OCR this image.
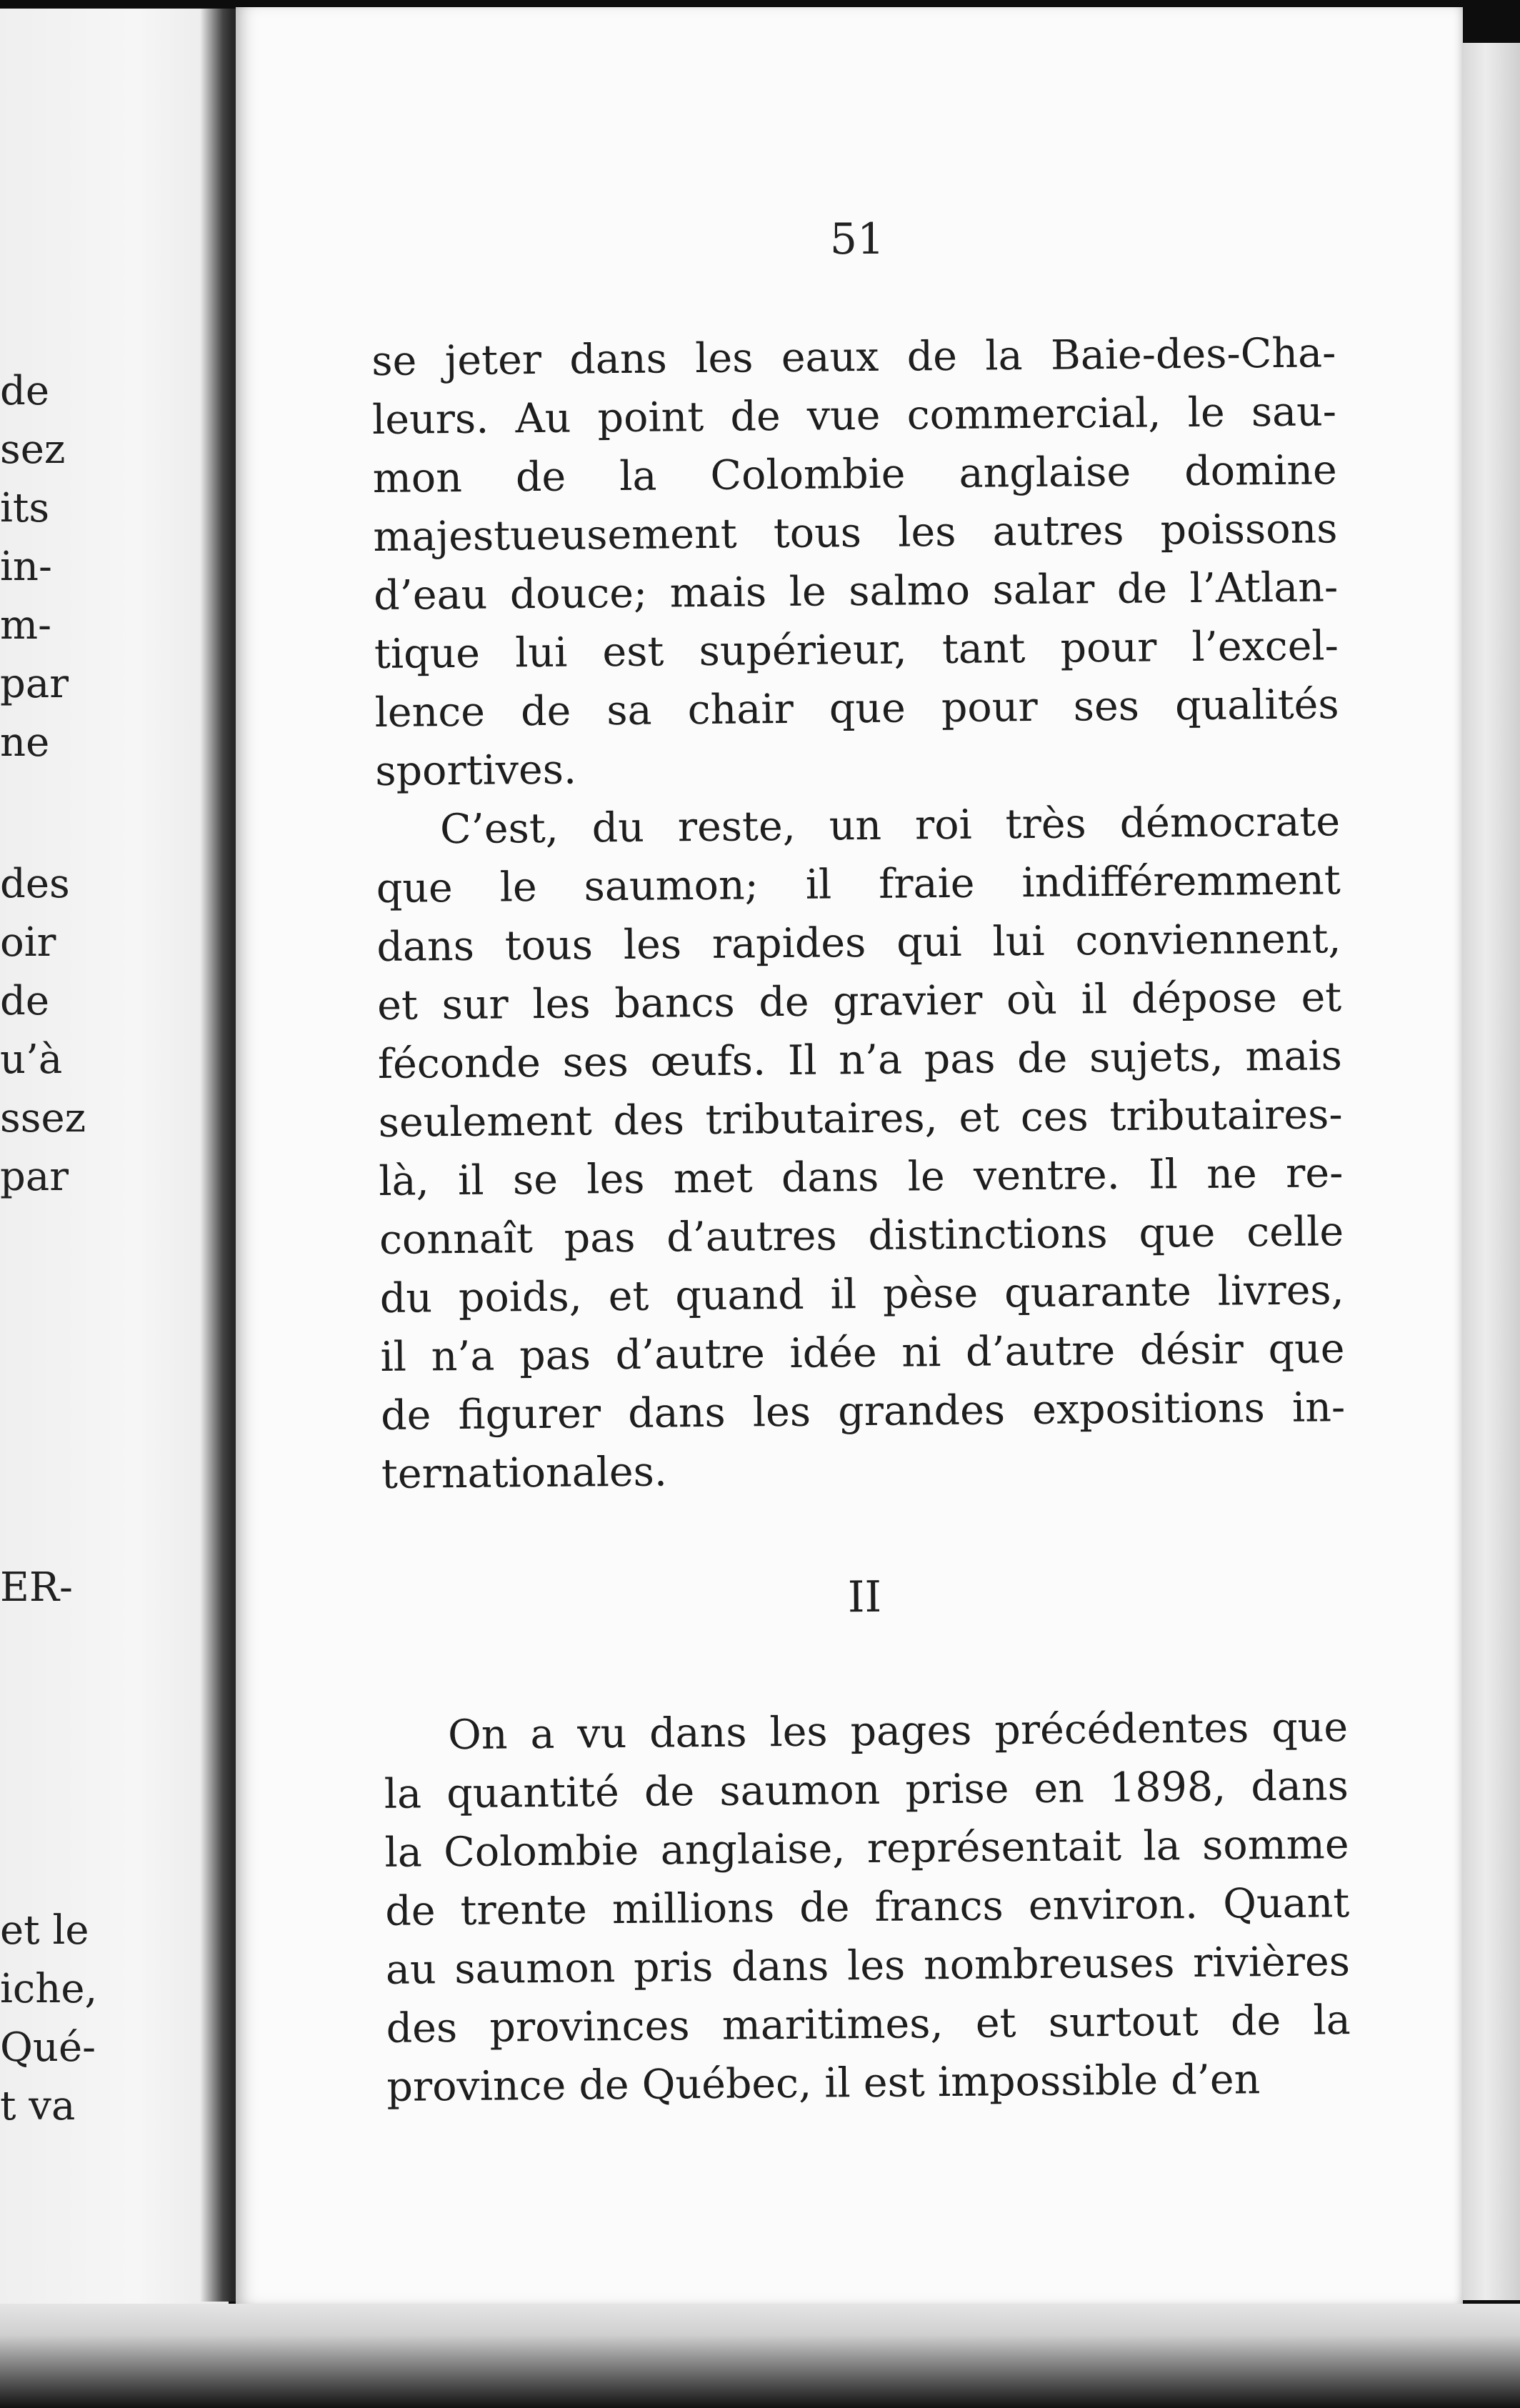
de
sez
its
in-
m-
par
ne
des
oir
de
u’à
ssez
par
ER-
et le
iche,
Qué-
t va
51
se jeter dans les eaux de la Baie-des-Cha-
leurs. Au point de vue commercial, le sau-
mon de la Colombie anglaise domine
majestueusement tous les autres poissons
d’eau douce; mais le salmo salar de l’Atlan-
tique lui est supérieur, tant pour l’excel-
lence de sa chair que pour ses qualités
sportives.
C’est, du reste, un roi très démocrate
que le saumon; il fraie indifféremment
dans tous les rapides qui lui conviennent,
et sur les bancs de gravier où il dépose et
féconde ses œufs. Il n’a pas de sujets, mais
seulement des tributaires, et ces tributaires-
là, il se les met dans le ventre. Il ne re-
connaît pas d’autres distinctions que celle
du poids, et quand il pèse quarante livres,
il n’a pas d’autre idée ni d’autre désir que
de figurer dans les grandes expositions in-
ternationales.
II
On a vu dans les pages précédentes que
la quantité de saumon prise en 1898, dans
la Colombie anglaise, représentait la somme
de trente millions de francs environ. Quant
au saumon pris dans les nombreuses rivières
des provinces maritimes, et surtout de la
province de Québec, il est impossible d’en
